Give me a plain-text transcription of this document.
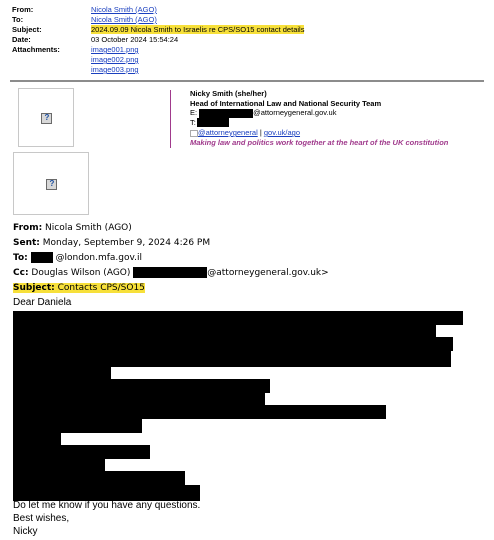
From:	Nicola Smith (AGO)
To:	Nicola Smith (AGO)
Subject:	2024.09.09 Nicola Smith to Israelis re CPS/SO15 contact details
Date:	03 October 2024 15:54:24
Attachments:	image001.png
image002.png
image003.png
?
?
Nicky Smith (she/her)
Head of International Law and National Security Team
E:	@attorneygeneral.gov.uk
T:
@attorneygeneral | gov.uk/ago
Making law and politics work together at the heart of the UK constitution
From: Nicola Smith (AGO)
Sent: Monday, September 9, 2024 4:26 PM
To:	@london.mfa.gov.il
Cc: Douglas Wilson (AGO)	@attorneygeneral.gov.uk>
Subject: Contacts CPS/SO15
Dear Daniela
Do let me know if you have any questions.
Best wishes,
Nicky
